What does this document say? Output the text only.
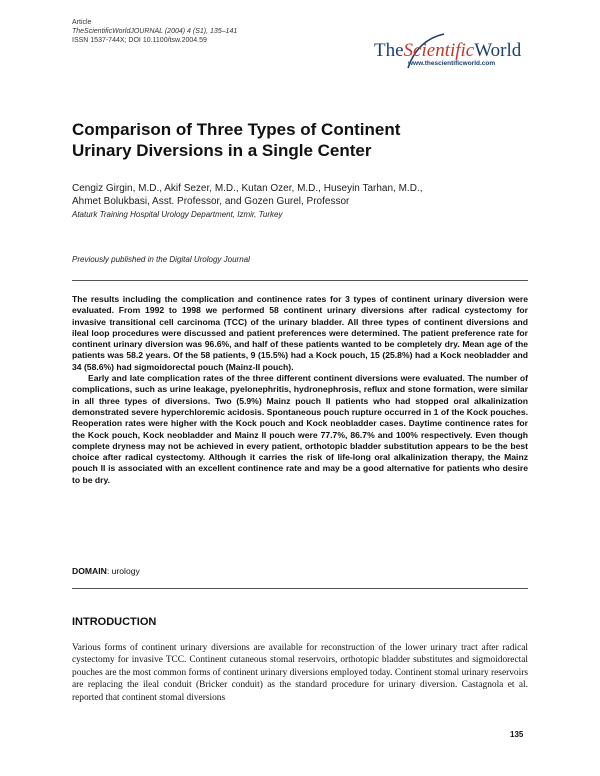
Article
TheScientificWorldJOURNAL (2004) 4 (S1), 135–141
ISSN 1537-744X; DOI 10.1100/tsw.2004.59	TheScientificWorld
www.thescientificworld.com
Comparison of Three Types of Continent
Urinary Diversions in a Single Center
Cengiz Girgin, M.D., Akif Sezer, M.D., Kutan Ozer, M.D., Huseyin Tarhan, M.D.,
Ahmet Bolukbasi, Asst. Professor, and Gozen Gurel, Professor
Ataturk Training Hospital Urology Department, Izmir, Turkey
Previously published in the Digital Urology Journal

The results including the complication and continence rates for 3 types of continent urinary diversion were evaluated. From 1992 to 1998 we performed 58 continent urinary diversions after radical cystectomy for invasive transitional cell carcinoma (TCC) of the urinary bladder. All three types of continent diversions and ileal loop procedures were discussed and patient preferences were determined. The patient preference rate for continent urinary diversion was 96.6%, and half of these patients wanted to be completely dry. Mean age of the patients was 58.2 years. Of the 58 patients, 9 (15.5%) had a Kock pouch, 15 (25.8%) had a Kock neobladder and 34 (58.6%) had sigmoidorectal pouch (Mainz-II pouch).

Early and late complication rates of the three different continent diversions were evaluated. The number of complications, such as urine leakage, pyelonephritis, hydronephrosis, reflux and stone formation, were similar in all three types of diversions. Two (5.9%) Mainz pouch II patients who had stopped oral alkalinization demonstrated severe hyperchloremic acidosis. Spontaneous pouch rupture occurred in 1 of the Kock pouches. Reoperation rates were higher with the Kock pouch and Kock neobladder cases. Daytime continence rates for the Kock pouch, Kock neobladder and Mainz II pouch were 77.7%, 86.7% and 100% respectively. Even though complete dryness may not be achieved in every patient, orthotopic bladder substitution appears to be the best choice after radical cystectomy. Although it carries the risk of life-long oral alkalinization therapy, the Mainz pouch II is associated with an excellent continence rate and may be a good alternative for patients who desire to be dry.

DOMAIN: urology
INTRODUCTION
Various forms of continent urinary diversions are available for reconstruction of the lower urinary tract after radical cystectomy for invasive TCC. Continent cutaneous stomal reservoirs, orthotopic bladder substitutes and sigmoidorectal pouches are the most common forms of continent urinary diversions employed today. Continent stomal urinary reservoirs are replacing the ileal conduit (Bricker conduit) as the standard procedure for urinary diversion. Castagnola et al. reported that continent stomal diversions
135
